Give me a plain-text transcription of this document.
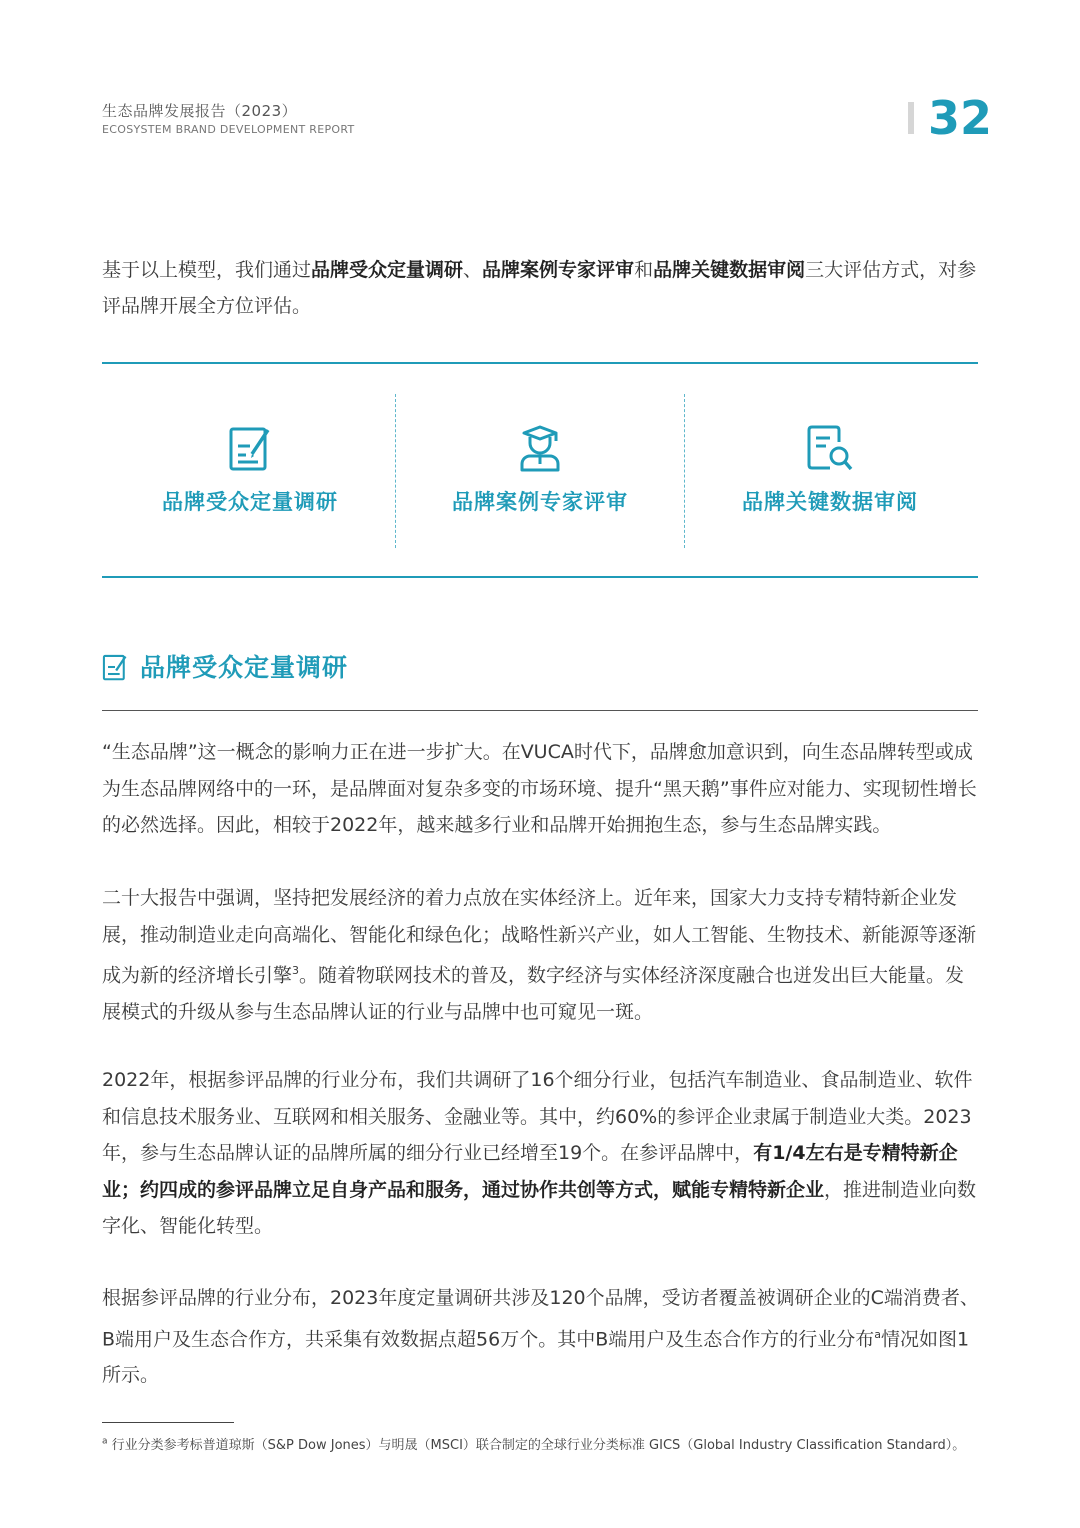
生态品牌发展报告（2023）
ECOSYSTEM BRAND DEVELOPMENT REPORT	32

基于以上模型，我们通过品牌受众定量调研、品牌案例专家评审和品牌关键数据审阅三大评估方式，对参评品牌开展全方位评估。

品牌受众定量调研	品牌案例专家评审	品牌关键数据审阅
品牌受众定量调研

“生态品牌”这一概念的影响力正在进一步扩大。在VUCA时代下，品牌愈加意识到，向生态品牌转型或成为生态品牌网络中的一环，是品牌面对复杂多变的市场环境、提升“黑天鹅”事件应对能力、实现韧性增长的必然选择。因此，相较于2022年，越来越多行业和品牌开始拥抱生态，参与生态品牌实践。

二十大报告中强调，坚持把发展经济的着力点放在实体经济上。近年来，国家大力支持专精特新企业发展，推动制造业走向高端化、智能化和绿色化；战略性新兴产业，如人工智能、生物技术、新能源等逐渐成为新的经济增长引擎$^3$。随着物联网技术的普及，数字经济与实体经济深度融合也迸发出巨大能量。发展模式的升级从参与生态品牌认证的行业与品牌中也可窥见一斑。

2022年，根据参评品牌的行业分布，我们共调研了16个细分行业，包括汽车制造业、食品制造业、软件和信息技术服务业、互联网和相关服务、金融业等。其中，约60%的参评企业隶属于制造业大类。2023年，参与生态品牌认证的品牌所属的细分行业已经增至19个。在参评品牌中，有1/4左右是专精特新企业；约四成的参评品牌立足自身产品和服务，通过协作共创等方式，赋能专精特新企业，推进制造业向数字化、智能化转型。

根据参评品牌的行业分布，2023年度定量调研共涉及120个品牌，受访者覆盖被调研企业的C端消费者、B端用户及生态合作方，共采集有效数据点超56万个。其中B端用户及生态合作方的行业分布$^a$情况如图1所示。

$^a$ 行业分类参考标普道琼斯（S&P Dow Jones）与明晟（MSCI）联合制定的全球行业分类标准 GICS（Global Industry Classification Standard）。
